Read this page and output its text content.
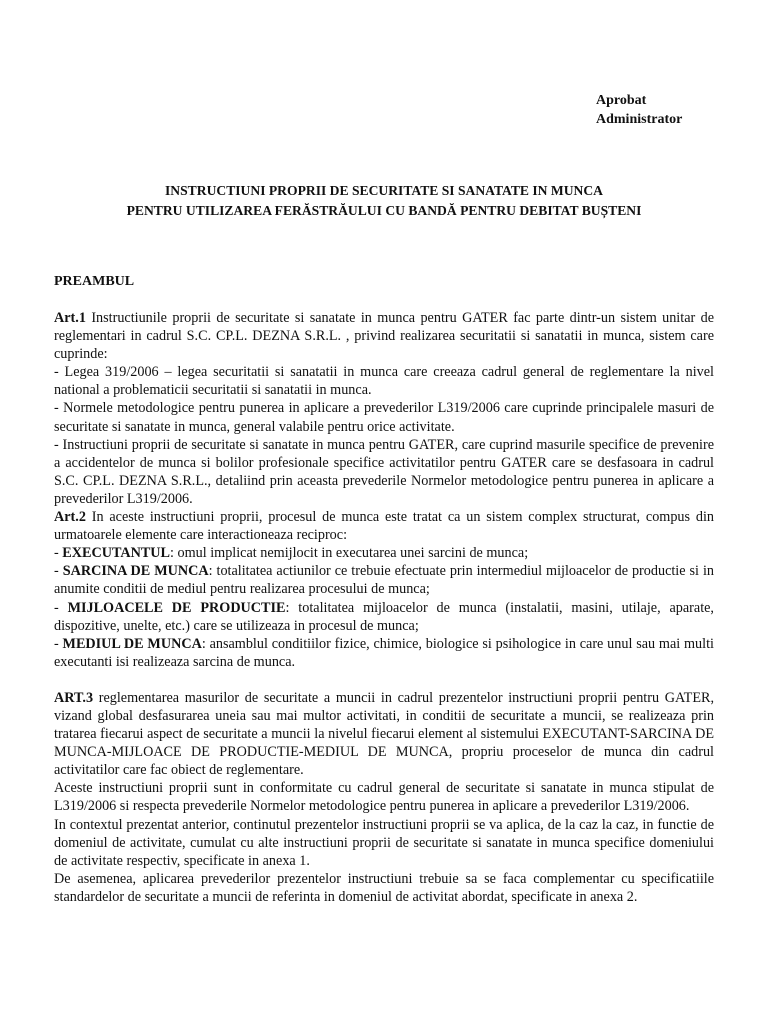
Aprobat
Administrator
INSTRUCTIUNI PROPRII DE SECURITATE SI SANATATE IN MUNCA
PENTRU UTILIZAREA FERĂSTRĂULUI CU BANDĂ PENTRU DEBITAT BUȘTENI
PREAMBUL

Art.1 Instructiunile proprii de securitate si sanatate in munca pentru GATER fac parte dintr-un sistem unitar de reglementari in cadrul S.C. CP.L. DEZNA S.R.L. , privind realizarea securitatii si sanatatii in munca, sistem care cuprinde:

- Legea 319/2006 – legea securitatii si sanatatii in munca care creeaza cadrul general de reglementare la nivel national a problematicii securitatii si sanatatii in munca.

- Normele metodologice pentru punerea in aplicare a prevederilor L319/2006 care cuprinde principalele masuri de securitate si sanatate in munca, general valabile pentru orice activitate.

- Instructiuni proprii de securitate si sanatate in munca pentru GATER, care cuprind masurile specifice de prevenire a accidentelor de munca si bolilor profesionale specifice activitatilor pentru GATER care se desfasoara in cadrul S.C. CP.L. DEZNA S.R.L., detaliind prin aceasta prevederile Normelor metodologice pentru punerea in aplicare a prevederilor L319/2006.

Art.2 In aceste instructiuni proprii, procesul de munca este tratat ca un sistem complex structurat, compus din urmatoarele elemente care interactioneaza reciproc:

- EXECUTANTUL: omul implicat nemijlocit in executarea unei sarcini de munca;

- SARCINA DE MUNCA: totalitatea actiunilor ce trebuie efectuate prin intermediul mijloacelor de productie si in anumite conditii de mediul pentru realizarea procesului de munca;

- MIJLOACELE DE PRODUCTIE: totalitatea mijloacelor de munca (instalatii, masini, utilaje, aparate, dispozitive, unelte, etc.) care se utilizeaza in procesul de munca;

- MEDIUL DE MUNCA: ansamblul conditiilor fizice, chimice, biologice si psihologice in care unul sau mai multi executanti isi realizeaza sarcina de munca.

ART.3 reglementarea masurilor de securitate a muncii in cadrul prezentelor instructiuni proprii pentru GATER, vizand global desfasurarea uneia sau mai multor activitati, in conditii de securitate a muncii, se realizeaza prin tratarea fiecarui aspect de securitate a muncii la nivelul fiecarui element al sistemului EXECUTANT-SARCINA DE MUNCA-MIJLOACE DE PRODUCTIE-MEDIUL DE MUNCA, propriu proceselor de munca din cadrul activitatilor care fac obiect de reglementare.

Aceste instructiuni proprii sunt in conformitate cu cadrul general de securitate si sanatate in munca stipulat de L319/2006 si respecta prevederile Normelor metodologice pentru punerea in aplicare a prevederilor L319/2006.

In contextul prezentat anterior, continutul prezentelor instructiuni proprii se va aplica, de la caz la caz, in functie de domeniul de activitate, cumulat cu alte instructiuni proprii de securitate si sanatate in munca specifice domeniului de activitate respectiv, specificate in anexa 1.

De asemenea, aplicarea prevederilor prezentelor instructiuni trebuie sa se faca complementar cu specificatiile standardelor de securitate a muncii de referinta in domeniul de activitat abordat, specificate in anexa 2.
